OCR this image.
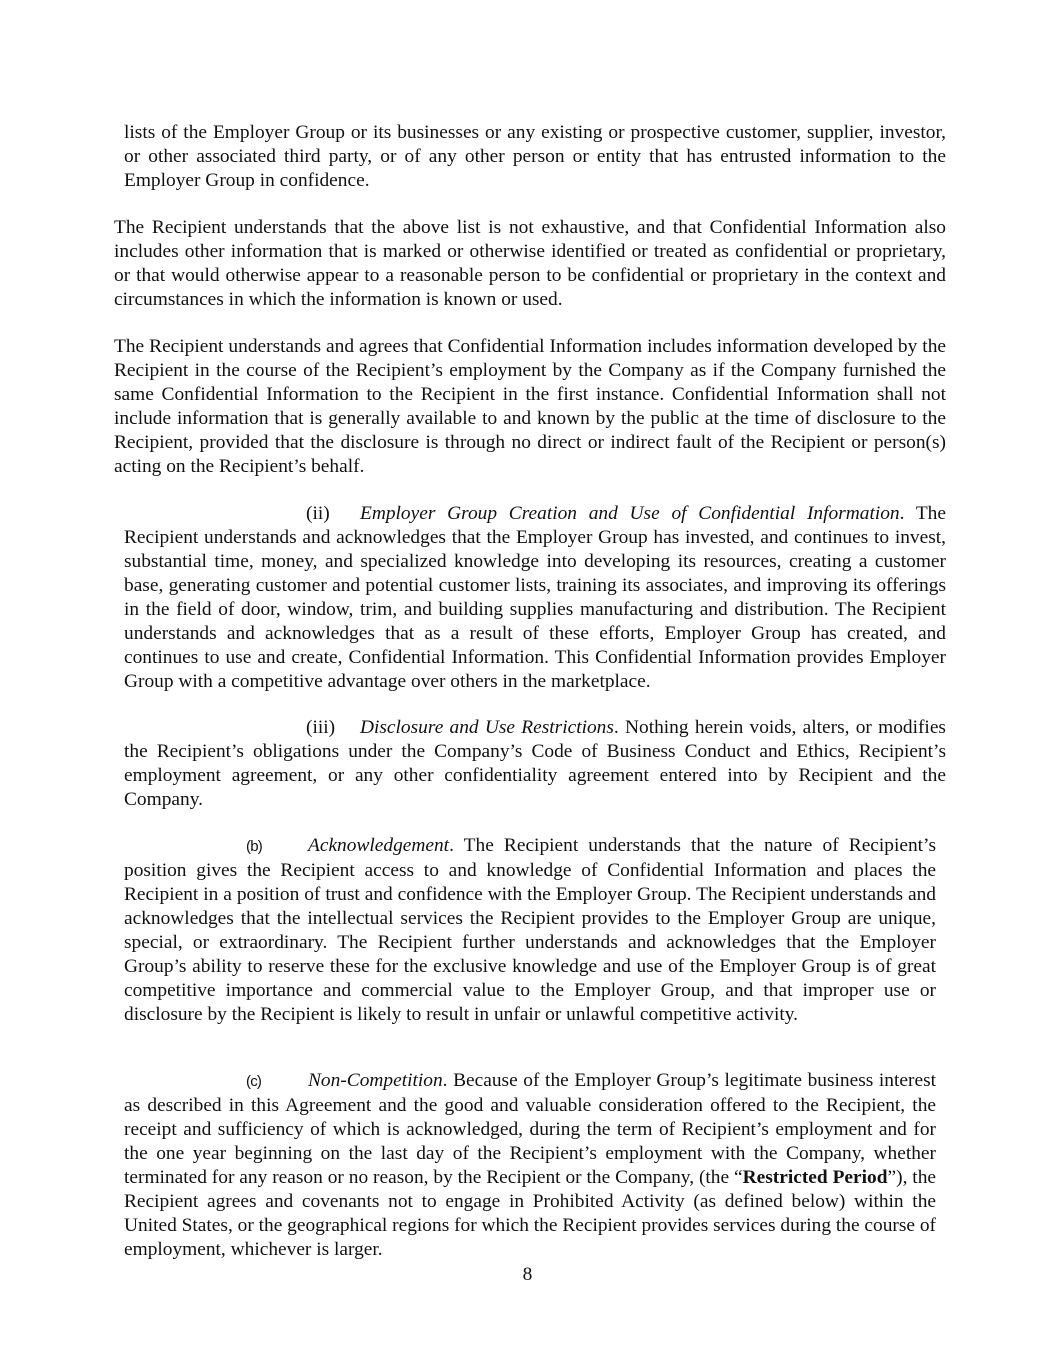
lists of the Employer Group or its businesses or any existing or prospective customer, supplier, investor, or other associated third party, or of any other person or entity that has entrusted information to the Employer Group in confidence.

The Recipient understands that the above list is not exhaustive, and that Confidential Information also includes other information that is marked or otherwise identified or treated as confidential or proprietary, or that would otherwise appear to a reasonable person to be confidential or proprietary in the context and circumstances in which the information is known or used.

The Recipient understands and agrees that Confidential Information includes information developed by the Recipient in the course of the Recipient’s employment by the Company as if the Company furnished the same Confidential Information to the Recipient in the first instance. Confidential Information shall not include information that is generally available to and known by the public at the time of disclosure to the Recipient, provided that the disclosure is through no direct or indirect fault of the Recipient or person(s) acting on the Recipient’s behalf.

(ii) Employer Group Creation and Use of Confidential Information. The Recipient understands and acknowledges that the Employer Group has invested, and continues to invest, substantial time, money, and specialized knowledge into developing its resources, creating a customer base, generating customer and potential customer lists, training its associates, and improving its offerings in the field of door, window, trim, and building supplies manufacturing and distribution. The Recipient understands and acknowledges that as a result of these efforts, Employer Group has created, and continues to use and create, Confidential Information. This Confidential Information provides Employer Group with a competitive advantage over others in the marketplace.

(iii) Disclosure and Use Restrictions. Nothing herein voids, alters, or modifies the Recipient’s obligations under the Company’s Code of Business Conduct and Ethics, Recipient’s employment agreement, or any other confidentiality agreement entered into by Recipient and the Company.

(b) Acknowledgement. The Recipient understands that the nature of Recipient’s position gives the Recipient access to and knowledge of Confidential Information and places the Recipient in a position of trust and confidence with the Employer Group. The Recipient understands and acknowledges that the intellectual services the Recipient provides to the Employer Group are unique, special, or extraordinary. The Recipient further understands and acknowledges that the Employer Group’s ability to reserve these for the exclusive knowledge and use of the Employer Group is of great competitive importance and commercial value to the Employer Group, and that improper use or disclosure by the Recipient is likely to result in unfair or unlawful competitive activity.

(c) Non-Competition. Because of the Employer Group’s legitimate business interest as described in this Agreement and the good and valuable consideration offered to the Recipient, the receipt and sufficiency of which is acknowledged, during the term of Recipient’s employment and for the one year beginning on the last day of the Recipient’s employment with the Company, whether terminated for any reason or no reason, by the Recipient or the Company, (the “Restricted Period”), the Recipient agrees and covenants not to engage in Prohibited Activity (as defined below) within the United States, or the geographical regions for which the Recipient provides services during the course of employment, whichever is larger.

8
